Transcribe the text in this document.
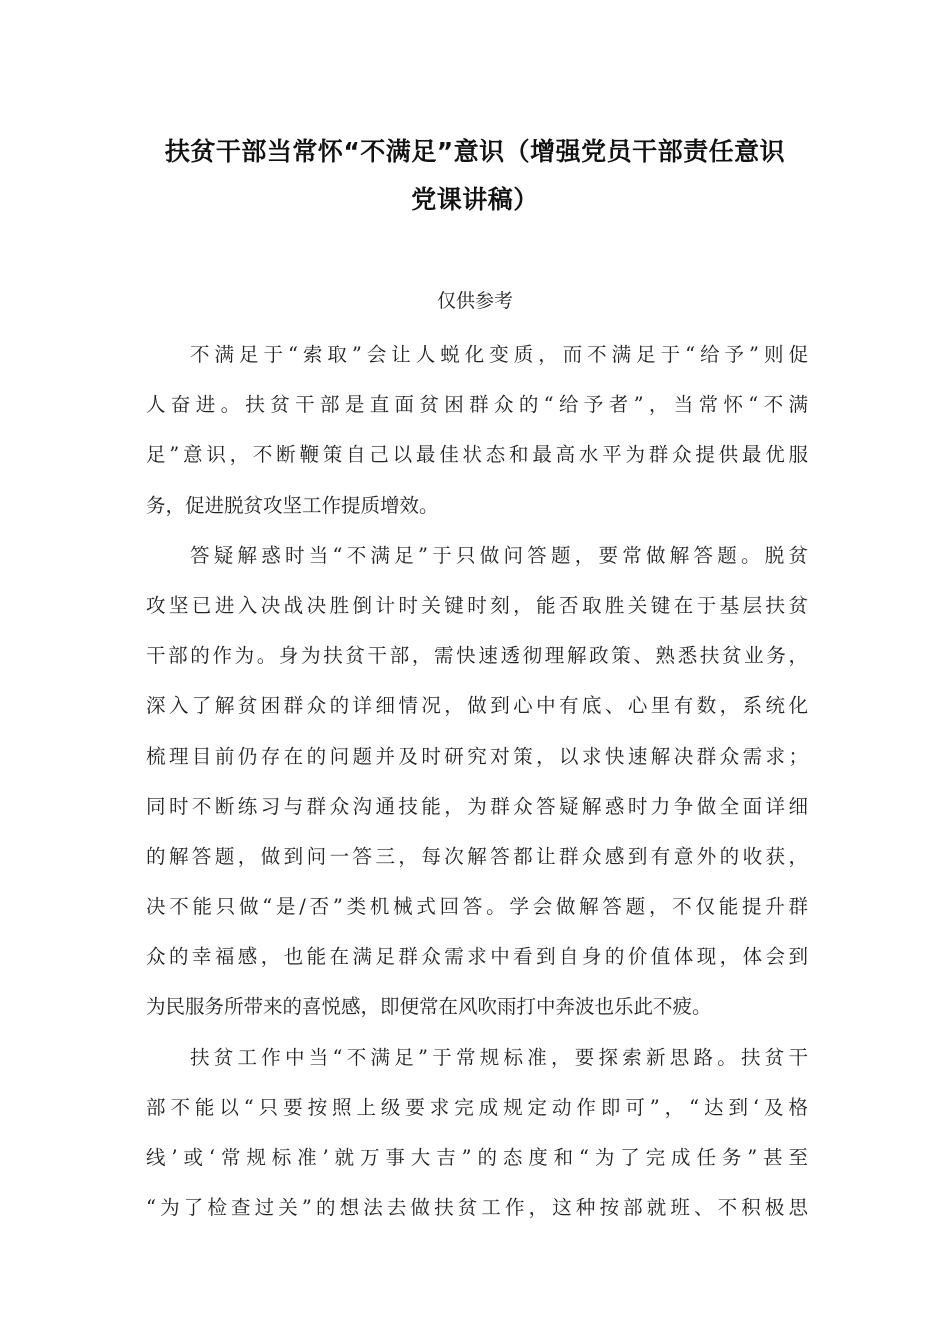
扶贫干部当常怀“不满足”意识（增强党员干部责任意识
党课讲稿）
仅供参考
不满足于“索取”会让人蜕化变质，而不满足于“给予”则促
人奋进。扶贫干部是直面贫困群众的“给予者”，当常怀“不满
足”意识，不断鞭策自己以最佳状态和最高水平为群众提供最优服
务，促进脱贫攻坚工作提质增效。
答疑解惑时当“不满足”于只做问答题，要常做解答题。脱贫
攻坚已进入决战决胜倒计时关键时刻，能否取胜关键在于基层扶贫
干部的作为。身为扶贫干部，需快速透彻理解政策、熟悉扶贫业务，
深入了解贫困群众的详细情况，做到心中有底、心里有数，系统化
梳理目前仍存在的问题并及时研究对策，以求快速解决群众需求；
同时不断练习与群众沟通技能，为群众答疑解惑时力争做全面详细
的解答题，做到问一答三，每次解答都让群众感到有意外的收获，
决不能只做“是/否”类机械式回答。学会做解答题，不仅能提升群
众的幸福感，也能在满足群众需求中看到自身的价值体现，体会到
为民服务所带来的喜悦感，即便常在风吹雨打中奔波也乐此不疲。
扶贫工作中当“不满足”于常规标准，要探索新思路。扶贫干
部不能以“只要按照上级要求完成规定动作即可”，“达到‘及格
线’或‘常规标准’就万事大吉”的态度和“为了完成任务”甚至
“为了检查过关”的想法去做扶贫工作，这种按部就班、不积极思
